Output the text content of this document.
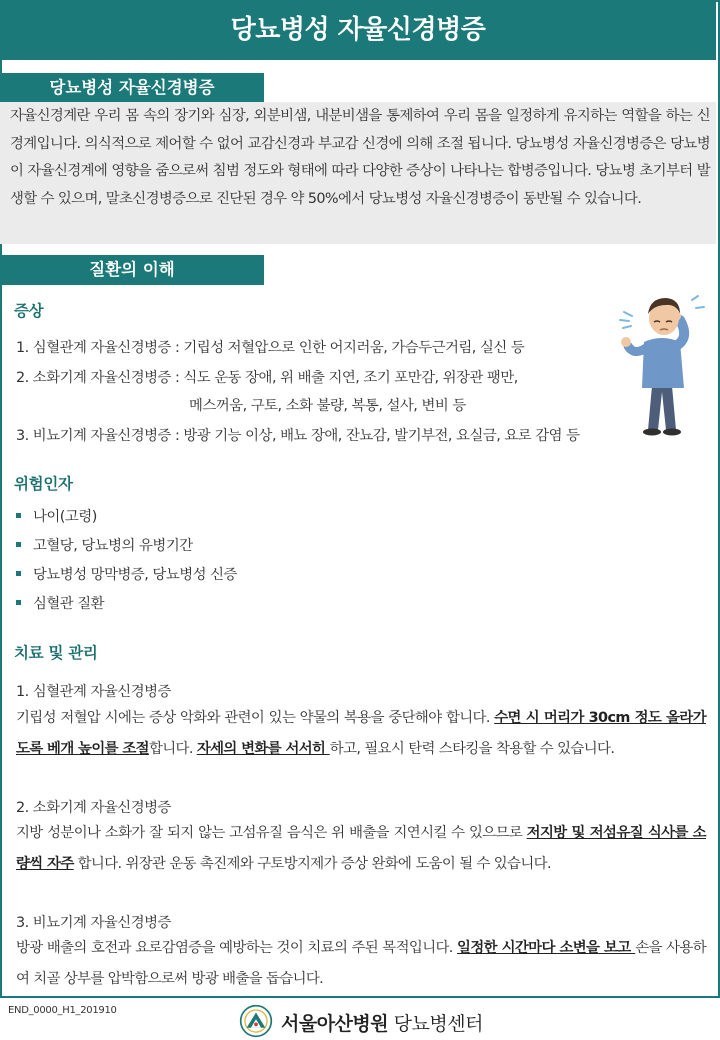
당뇨병성 자율신경병증
당뇨병성 자율신경병증
자율신경계란 우리 몸 속의 장기와 심장, 외분비샘, 내분비샘을 통제하여 우리 몸을 일정하게 유지하는 역할을 하는 신경계입니다. 의식적으로 제어할 수 없어 교감신경과 부교감 신경에 의해 조절 됩니다. 당뇨병성 자율신경병증은 당뇨병이 자율신경계에 영향을 줌으로써 침범 정도와 형태에 따라 다양한 증상이 나타나는 합병증입니다. 당뇨병 초기부터 발생할 수 있으며, 말초신경병증으로 진단된 경우 약 50%에서 당뇨병성 자율신경병증이 동반될 수 있습니다.
질환의 이해
증상
1. 심혈관계 자율신경병증 : 기립성 저혈압으로 인한 어지러움, 가슴두근거림, 실신 등
2. 소화기계 자율신경병증 : 식도 운동 장애, 위 배출 지연, 조기 포만감, 위장관 팽만,
메스꺼움, 구토, 소화 불량, 복통, 설사, 변비 등
3. 비뇨기계 자율신경병증 : 방광 기능 이상, 배뇨 장애, 잔뇨감, 발기부전, 요실금, 요로 감염 등
위험인자
나이(고령)
고혈당, 당뇨병의 유병기간
당뇨병성 망막병증, 당뇨병성 신증
심혈관 질환
치료 및 관리
1. 심혈관계 자율신경병증
기립성 저혈압 시에는 증상 악화와 관련이 있는 약물의 복용을 중단해야 합니다. 수면 시 머리가 30cm 정도 올라가도록 베개 높이를 조절합니다. 자세의 변화를 서서히 하고, 필요시 탄력 스타킹을 착용할 수 있습니다.
2. 소화기계 자율신경병증
지방 성분이나 소화가 잘 되지 않는 고섬유질 음식은 위 배출을 지연시킬 수 있으므로 저지방 및 저섬유질 식사를 소량씩 자주 합니다. 위장관 운동 촉진제와 구토방지제가 증상 완화에 도움이 될 수 있습니다.
3. 비뇨기계 자율신경병증
방광 배출의 호전과 요로감염증을 예방하는 것이 치료의 주된 목적입니다. 일정한 시간마다 소변을 보고 손을 사용하여 치골 상부를 압박함으로써 방광 배출을 돕습니다.
END_0000_H1_201910
서울아산병원 당뇨병센터
